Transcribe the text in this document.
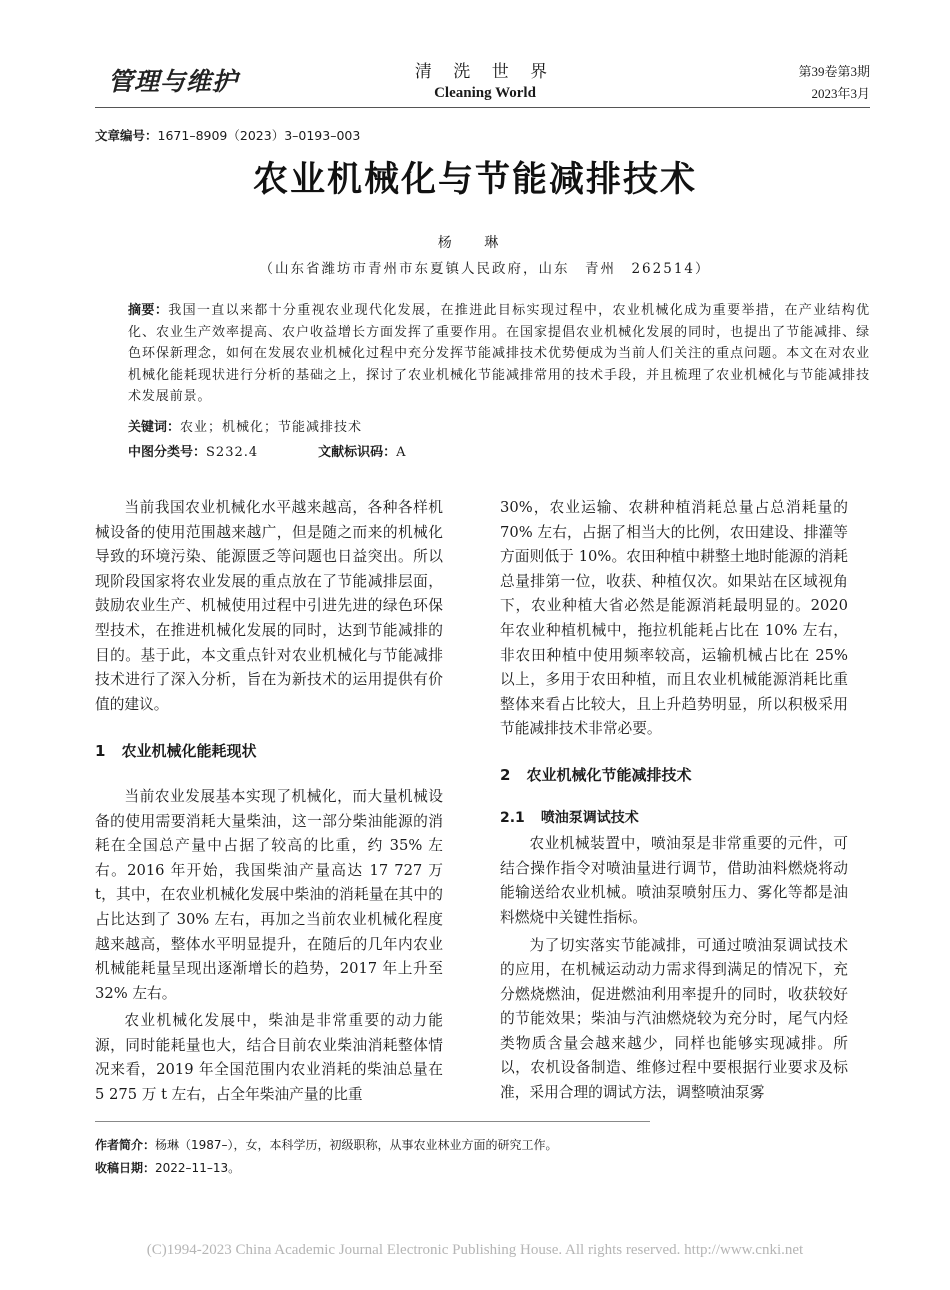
管理与维护	清 洗 世 界
Cleaning World
第39卷第3期
2023年3月
文章编号：1671–8909（2023）3–0193–003
农业机械化与节能减排技术
杨 琳
（山东省潍坊市青州市东夏镇人民政府，山东　青州　262514）
摘要：我国一直以来都十分重视农业现代化发展，在推进此目标实现过程中，农业机械化成为重要举措，在产业结构优化、农业生产效率提高、农户收益增长方面发挥了重要作用。在国家提倡农业机械化发展的同时，也提出了节能减排、绿色环保新理念，如何在发展农业机械化过程中充分发挥节能减排技术优势便成为当前人们关注的重点问题。本文在对农业机械化能耗现状进行分析的基础之上，探讨了农业机械化节能减排常用的技术手段，并且梳理了农业机械化与节能减排技术发展前景。
关键词：农业；机械化；节能减排技术
中图分类号：S232.4	文献标识码：A

当前我国农业机械化水平越来越高，各种各样机械设备的使用范围越来越广，但是随之而来的机械化导致的环境污染、能源匮乏等问题也日益突出。所以现阶段国家将农业发展的重点放在了节能减排层面，鼓励农业生产、机械使用过程中引进先进的绿色环保型技术，在推进机械化发展的同时，达到节能减排的目的。基于此，本文重点针对农业机械化与节能减排技术进行了深入分析，旨在为新技术的运用提供有价值的建议。

1 农业机械化能耗现状

当前农业发展基本实现了机械化，而大量机械设备的使用需要消耗大量柴油，这一部分柴油能源的消耗在全国总产量中占据了较高的比重，约 35% 左右。2016 年开始，我国柴油产量高达 17 727 万 t，其中，在农业机械化发展中柴油的消耗量在其中的占比达到了 30% 左右，再加之当前农业机械化程度越来越高，整体水平明显提升，在随后的几年内农业机械能耗量呈现出逐渐增长的趋势，2017 年上升至 32% 左右。

农业机械化发展中，柴油是非常重要的动力能源，同时能耗量也大，结合目前农业柴油消耗整体情况来看，2019 年全国范围内农业消耗的柴油总量在 5 275 万 t 左右，占全年柴油产量的比重

30%，农业运输、农耕种植消耗总量占总消耗量的 70% 左右，占据了相当大的比例，农田建设、排灌等方面则低于 10%。农田种植中耕整土地时能源的消耗总量排第一位，收获、种植仅次。如果站在区域视角下，农业种植大省必然是能源消耗最明显的。2020 年农业种植机械中，拖拉机能耗占比在 10% 左右，非农田种植中使用频率较高，运输机械占比在 25% 以上，多用于农田种植，而且农业机械能源消耗比重整体来看占比较大，且上升趋势明显，所以积极采用节能减排技术非常必要。

2 农业机械化节能减排技术
2.1 喷油泵调试技术

农业机械装置中，喷油泵是非常重要的元件，可结合操作指令对喷油量进行调节，借助油料燃烧将动能输送给农业机械。喷油泵喷射压力、雾化等都是油料燃烧中关键性指标。

为了切实落实节能减排，可通过喷油泵调试技术的应用，在机械运动动力需求得到满足的情况下，充分燃烧燃油，促进燃油利用率提升的同时，收获较好的节能效果；柴油与汽油燃烧较为充分时，尾气内烃类物质含量会越来越少，同样也能够实现减排。所以，农机设备制造、维修过程中要根据行业要求及标准，采用合理的调试方法，调整喷油泵雾

作者简介：杨琳（1987–），女，本科学历，初级职称，从事农业林业方面的研究工作。
收稿日期：2022–11–13。
(C)1994-2023 China Academic Journal Electronic Publishing House. All rights reserved. http://www.cnki.net
